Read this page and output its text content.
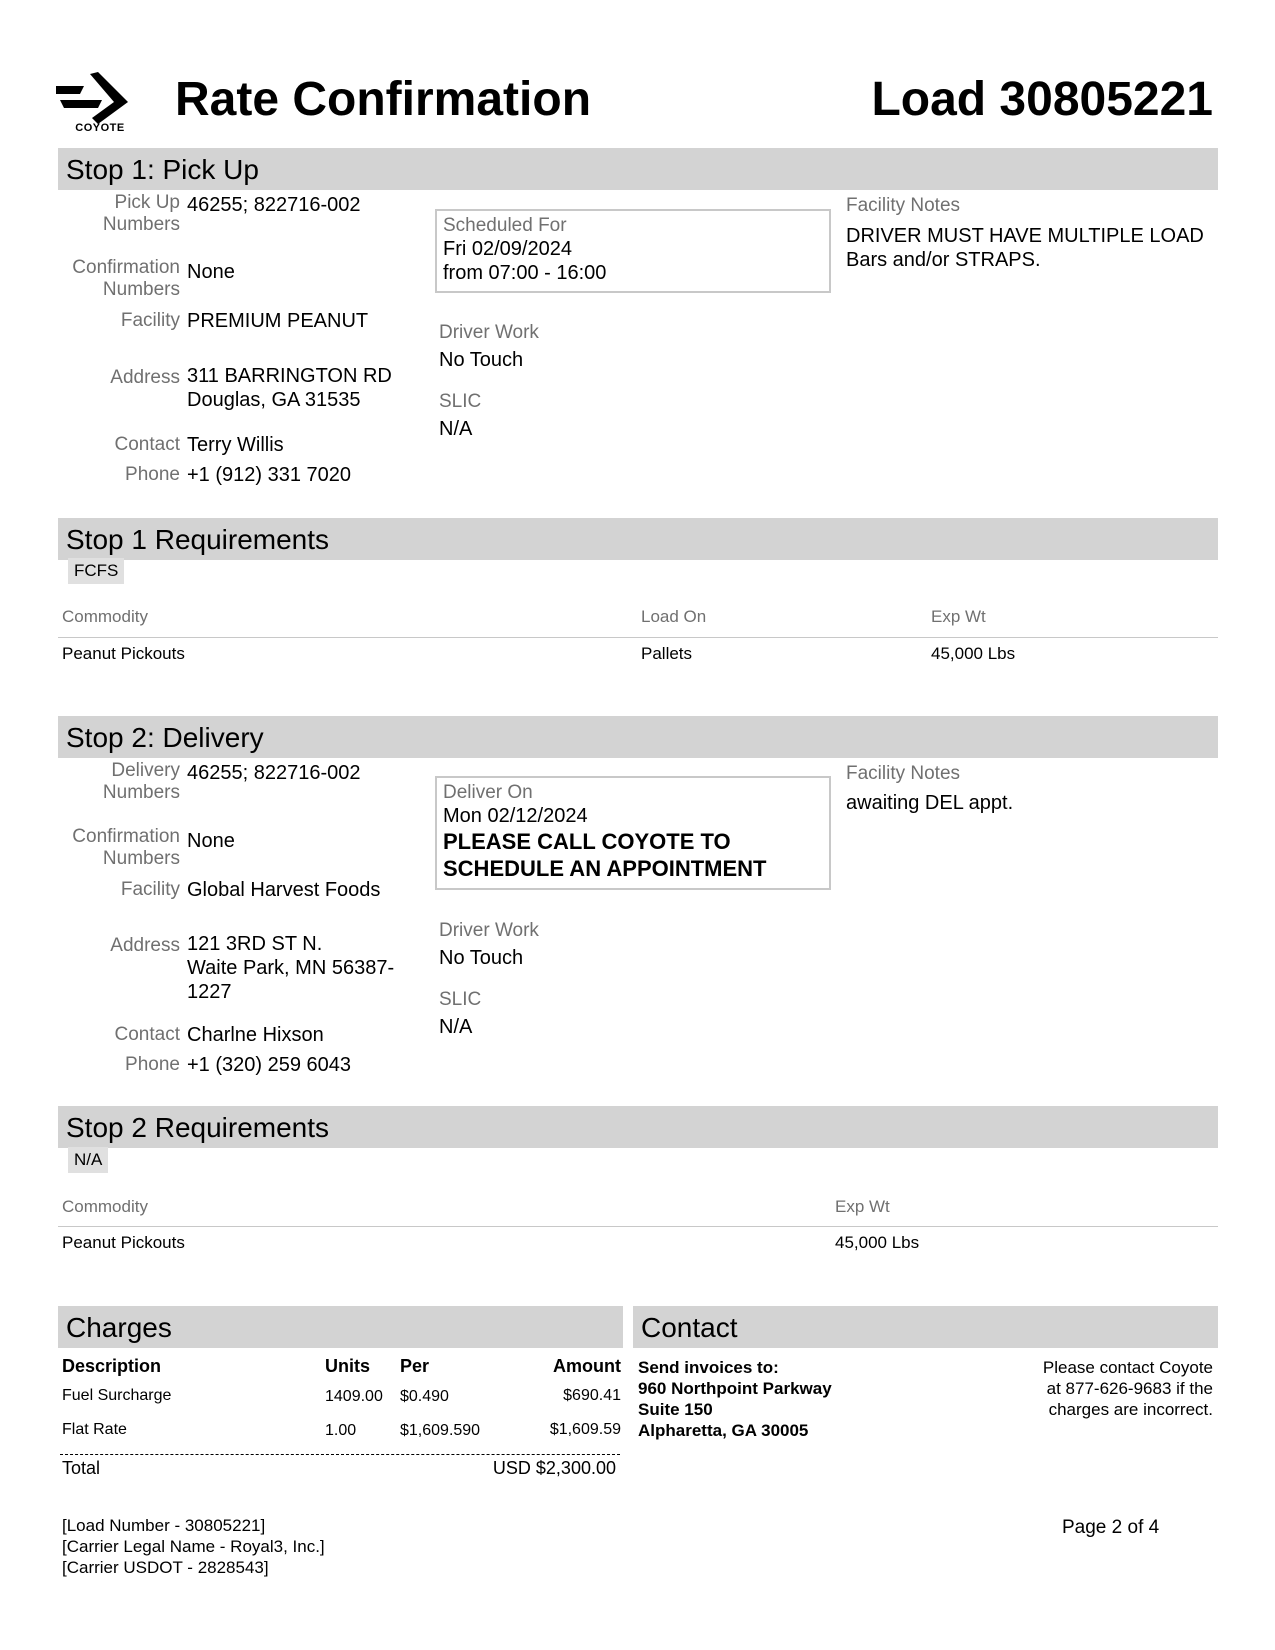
COYOTE
Rate Confirmation	Load 30805221
Stop 1: Pick Up
Pick Up
Numbers
46255; 822716-002
Confirmation
Numbers
None
Facility PREMIUM PEANUT
Address 311 BARRINGTON RD
Douglas, GA 31535
Contact Terry Willis
Phone +1 (912) 331 7020
Scheduled For
Fri 02/09/2024
from 07:00 - 16:00
Driver Work
No Touch
SLIC
N/A
Facility Notes
DRIVER MUST HAVE MULTIPLE LOAD
Bars and/or STRAPS.
Stop 1 Requirements
FCFS
Commodity	Load On	Exp Wt
Peanut Pickouts	Pallets	45,000 Lbs
Stop 2: Delivery
Delivery
Numbers
46255; 822716-002
Confirmation
Numbers
None
Facility Global Harvest Foods
Address 121 3RD ST N.
Waite Park, MN 56387-
1227
Contact Charlne Hixson
Phone +1 (320) 259 6043
Deliver On
Mon 02/12/2024
PLEASE CALL COYOTE TO
SCHEDULE AN APPOINTMENT
Driver Work
No Touch
SLIC
N/A
Facility Notes
awaiting DEL appt.
Stop 2 Requirements
N/A
Commodity	Exp Wt
Peanut Pickouts	45,000 Lbs
Charges
Description	Units Per	Amount
Fuel Surcharge	1409.00 $0.490	$690.41
Flat Rate	1.00	$1,609.590	$1,609.59
Total	USD $2,300.00
Contact
Send invoices to:
960 Northpoint Parkway
Suite 150
Alpharetta, GA 30005
Please contact Coyote
at 877-626-9683 if the
charges are incorrect.
[Load Number - 30805221]
[Carrier Legal Name - Royal3, Inc.]
[Carrier USDOT - 2828543]
Page 2 of 4
